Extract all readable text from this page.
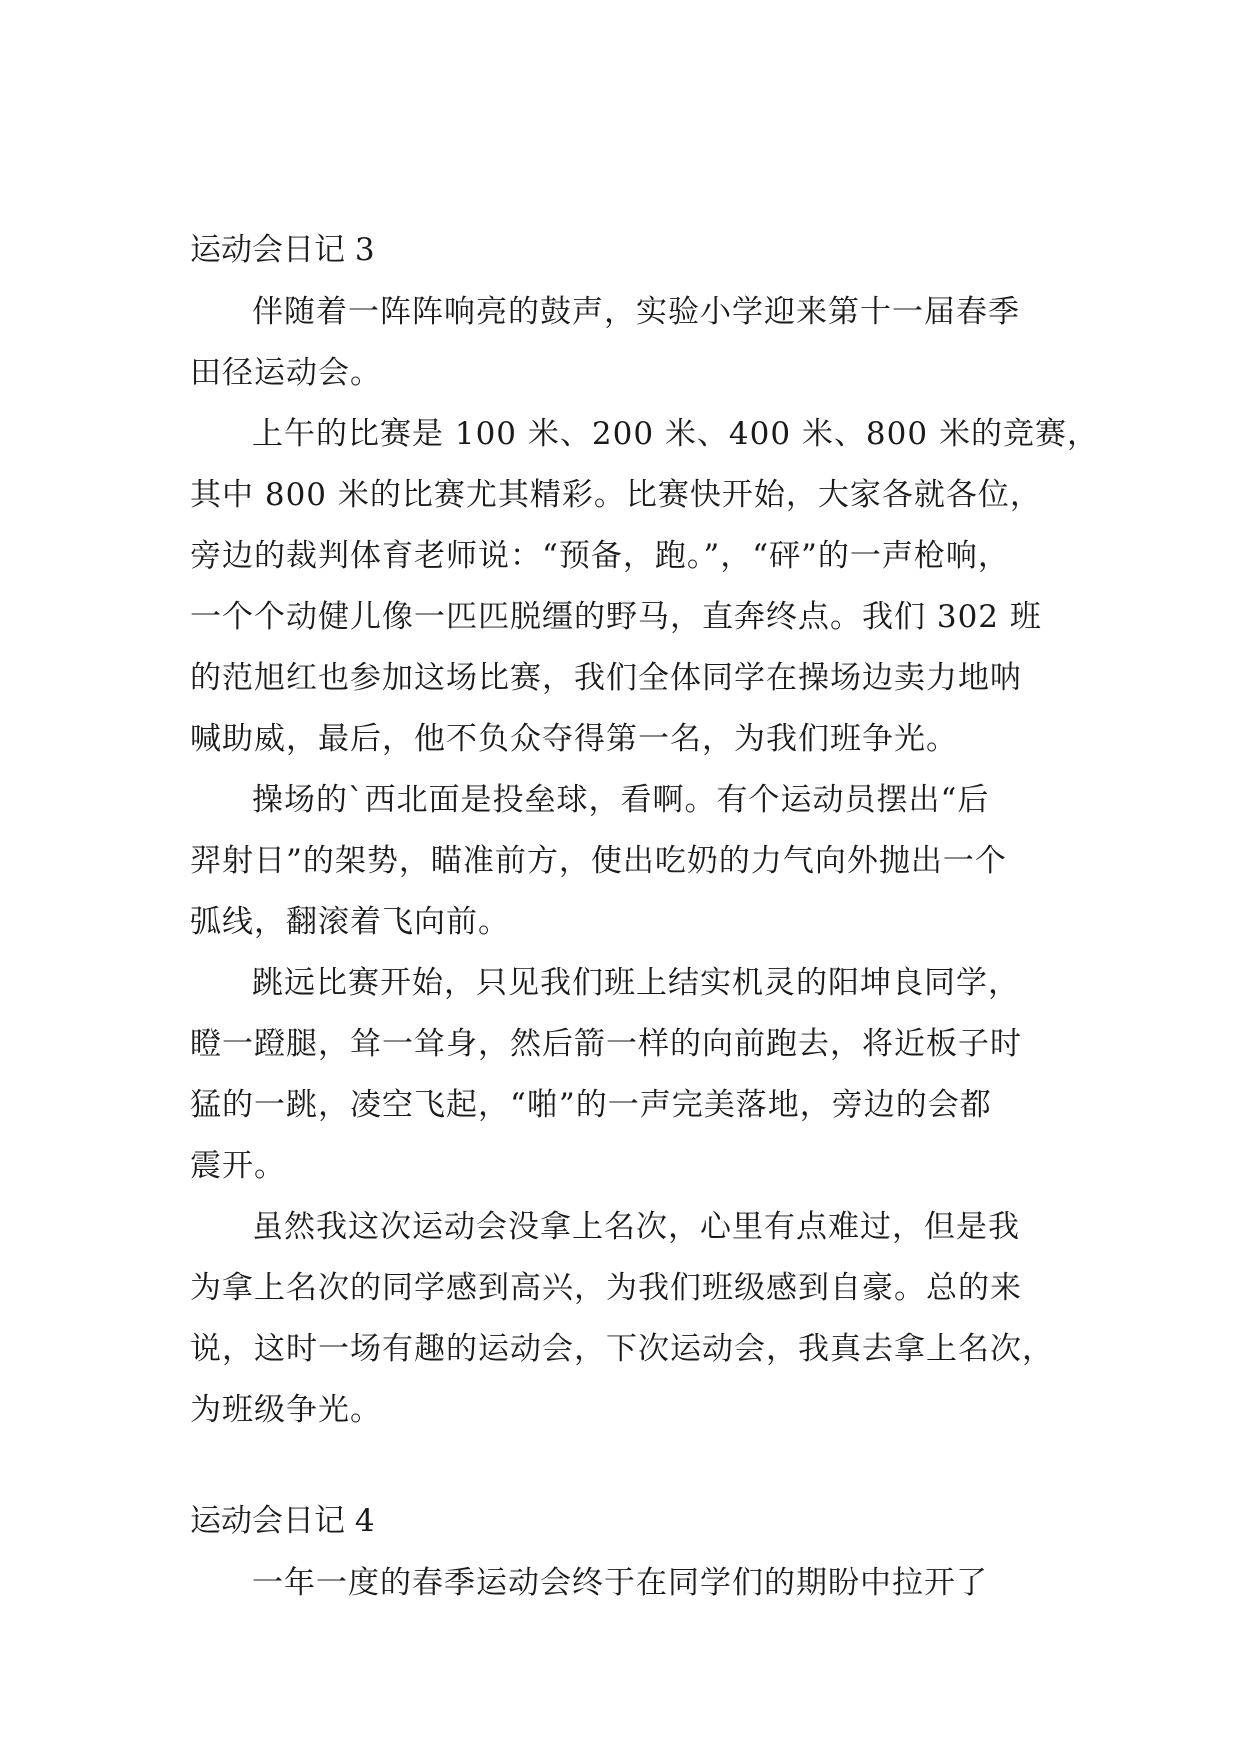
运动会日记 3

伴随着一阵阵响亮的鼓声，实验小学迎来第十一届春季
田径运动会。

上午的比赛是 100 米、200 米、400 米、800 米的竞赛，
其中 800 米的比赛尤其精彩。比赛快开始，大家各就各位，
旁边的裁判体育老师说：“预备，跑。”，“砰”的一声枪响，
一个个动健儿像一匹匹脱缰的野马，直奔终点。我们 302 班
的范旭红也参加这场比赛，我们全体同学在操场边卖力地呐
喊助威，最后，他不负众夺得第一名，为我们班争光。

操场的`西北面是投垒球，看啊。有个运动员摆出“后
羿射日”的架势，瞄准前方，使出吃奶的力气向外抛出一个
弧线，翻滚着飞向前。

跳远比赛开始，只见我们班上结实机灵的阳坤良同学，
瞪一蹬腿，耸一耸身，然后箭一样的向前跑去，将近板子时
猛的一跳，凌空飞起，“啪”的一声完美落地，旁边的会都
震开。

虽然我这次运动会没拿上名次，心里有点难过，但是我
为拿上名次的同学感到高兴，为我们班级感到自豪。总的来
说，这时一场有趣的运动会，下次运动会，我真去拿上名次，
为班级争光。

运动会日记 4

一年一度的春季运动会终于在同学们的期盼中拉开了
